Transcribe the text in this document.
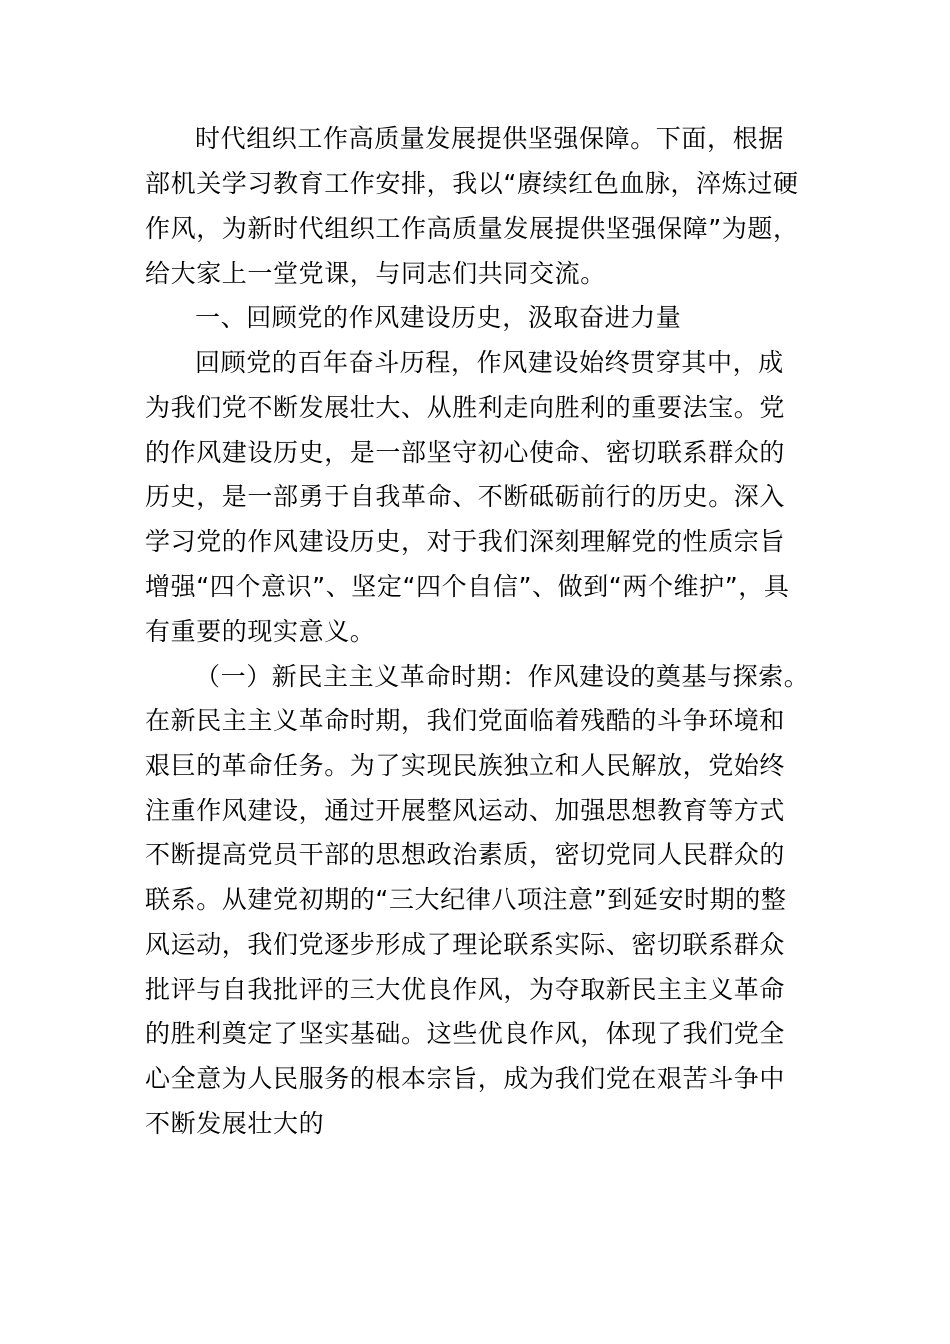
时代组织工作高质量发展提供坚强保障。下面，根据
部机关学习教育工作安排，我以“赓续红色血脉，淬炼过硬
作风，为新时代组织工作高质量发展提供坚强保障”为题，
给大家上一堂党课，与同志们共同交流。
一、回顾党的作风建设历史，汲取奋进力量
回顾党的百年奋斗历程，作风建设始终贯穿其中，成
为我们党不断发展壮大、从胜利走向胜利的重要法宝。党
的作风建设历史，是一部坚守初心使命、密切联系群众的
历史，是一部勇于自我革命、不断砥砺前行的历史。深入
学习党的作风建设历史，对于我们深刻理解党的性质宗旨
增强“四个意识”、坚定“四个自信”、做到“两个维护”，具
有重要的现实意义。
（一）新民主主义革命时期：作风建设的奠基与探索。
在新民主主义革命时期，我们党面临着残酷的斗争环境和
艰巨的革命任务。为了实现民族独立和人民解放，党始终
注重作风建设，通过开展整风运动、加强思想教育等方式
不断提高党员干部的思想政治素质，密切党同人民群众的
联系。从建党初期的“三大纪律八项注意”到延安时期的整
风运动，我们党逐步形成了理论联系实际、密切联系群众
批评与自我批评的三大优良作风，为夺取新民主主义革命
的胜利奠定了坚实基础。这些优良作风，体现了我们党全
心全意为人民服务的根本宗旨，成为我们党在艰苦斗争中
不断发展壮大的
